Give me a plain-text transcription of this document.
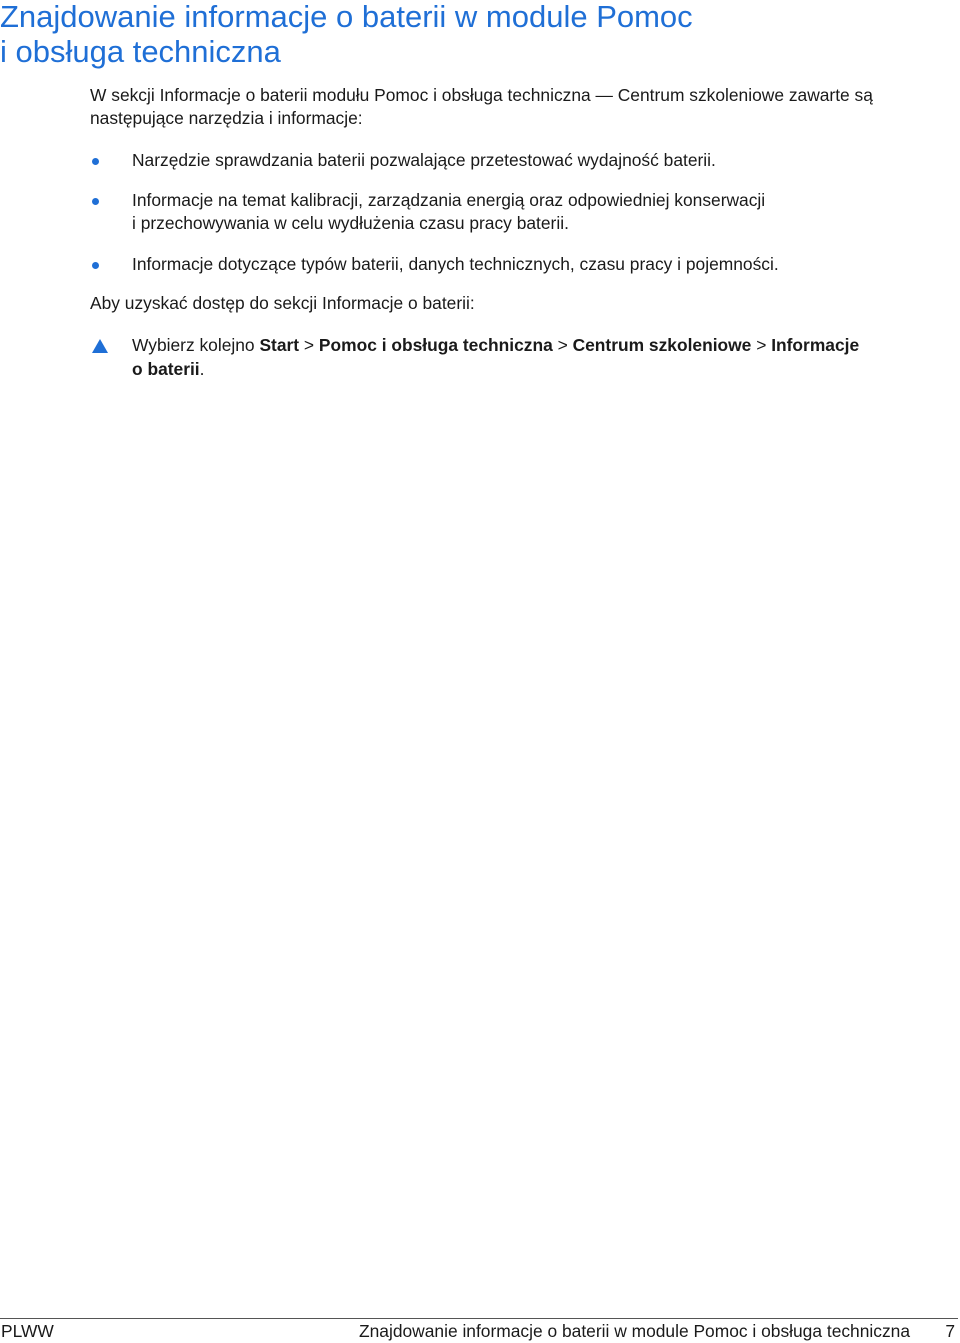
Znajdowanie informacje o baterii w module Pomoc
i obsługa techniczna

W sekcji Informacje o baterii modułu Pomoc i obsługa techniczna — Centrum szkoleniowe zawarte są
następujące narzędzia i informacje:

Narzędzie sprawdzania baterii pozwalające przetestować wydajność baterii.
Informacje na temat kalibracji, zarządzania energią oraz odpowiedniej konserwacji
i przechowywania w celu wydłużenia czasu pracy baterii.
Informacje dotyczące typów baterii, danych technicznych, czasu pracy i pojemności.

Aby uzyskać dostęp do sekcji Informacje o baterii:

Wybierz kolejno Start > Pomoc i obsługa techniczna > Centrum szkoleniowe > Informacje
o baterii.
PLWW	Znajdowanie informacje o baterii w module Pomoc i obsługa techniczna 7
